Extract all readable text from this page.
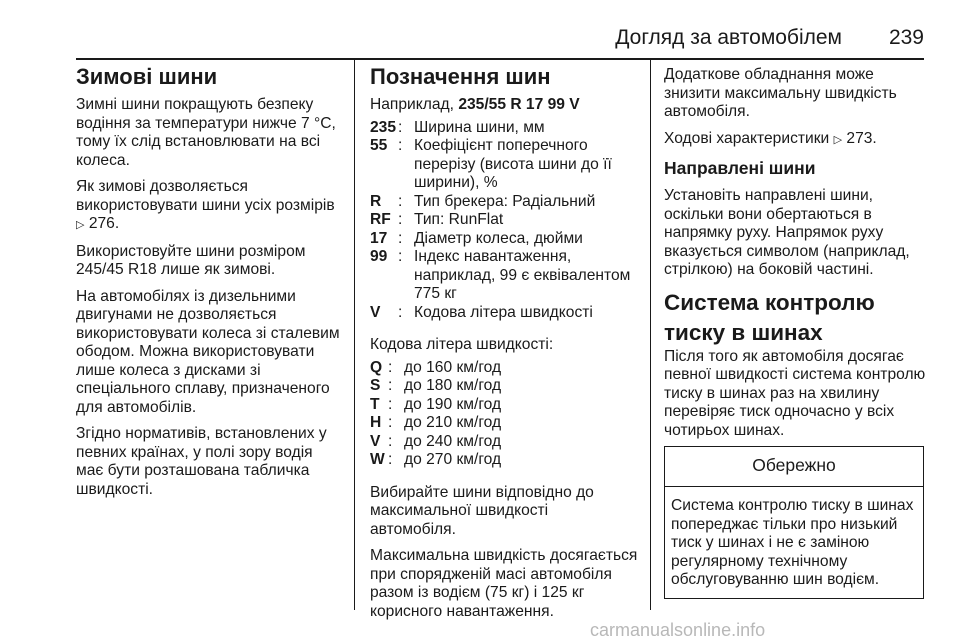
Догляд за автомобілем 239
Зимові шини

Зимні шини покращують безпеку водіння за температури нижче 7 °C, тому їх слід встановлювати на всі колеса.

Як зимові дозволяється використовувати шини усіх розмірів ▷ 276.

Використовуйте шини розміром 245/45 R18 лише як зимові.

На автомобілях із дизельними двигунами не дозволяється використовувати колеса зі сталевим ободом. Можна використовувати лише колеса з дисками зі спеціального сплаву, призначеного для автомобілів.

Згідно нормативів, встановлених у певних країнах, у полі зору водія має бути розташована табличка швидкості.

Позначення шин

Наприклад, 235/55 R 17 99 V

235 : Ширина шини, мм
55 : Коефіцієнт поперечного перерізу (висота шини до її ширини), %
R	: Тип брекера: Радіальний
RF : Тип: RunFlat
17 : Діаметр колеса, дюйми
99 : Індекс навантаження, наприклад, 99 є еквівалентом 775 кг
V	: Кодова літера швидкості

Кодова літера швидкості:

Q : до 160 км/год
S : до 180 км/год
T : до 190 км/год
H : до 210 км/год
V : до 240 км/год
W : до 270 км/год

Вибирайте шини відповідно до максимальної швидкості автомобіля.

Максимальна швидкість досягається при спорядженій масі автомобіля разом із водієм (75 кг) і 125 кг корисного навантаження.

Додаткове обладнання може знизити максимальну швидкість автомобіля.

Ходові характеристики ▷ 273.

Направлені шини

Установіть направлені шини, оскільки вони обертаються в напрямку руху. Напрямок руху вказується символом (наприклад, стрілкою) на боковій частині.

Система контролю тиску в шинах

Після того як автомобіля досягає певної швидкості система контролю тиску в шинах раз на хвилину перевіряє тиск одночасно у всіх чотирьох шинах.

Обережно
Система контролю тиску в шинах попереджає тільки про низький тиск у шинах і не є заміною регулярному технічному обслуговуванню шин водієм.
carmanualsonline.info
